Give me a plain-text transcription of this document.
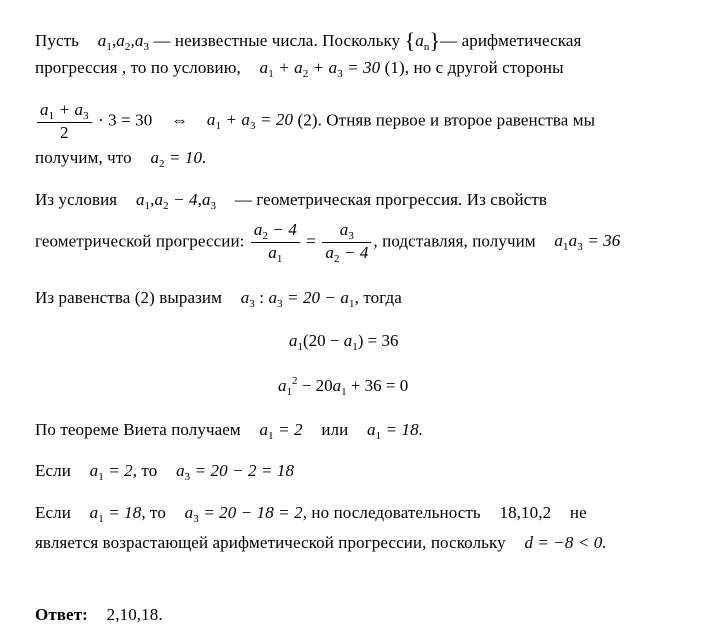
Пусть $a_1,a_2,a_3$ — неизвестные числа. Поскольку $\{a_n\}—$ арифметическая
прогрессия , то по условию, $a_1 + a_2 + a_3 = 30$ (1), но с другой стороны
$\frac{a_1 + a_3}{2} \cdot 3 = 30$ ⇔ $a_1 + a_3 = 20$ (2). Отняв первое и второе равенства мы
получим, что $a_2 = 10$.
Из условия $a_1,a_2 - 4,a_3$ — геометрическая прогрессия. Из свойств
геометрической прогрессии: $\frac{a_2 - 4}{a_1} = \frac{a_3}{a_2 - 4}$ , подставляя, получим $a_1a_3 = 36$
Из равенства (2) выразим $a_3$ : $a_3 = 20 - a_1$, тогда
$a_1(20 - a_1) = 36$
$a_1^2 - 20a_1 + 36 = 0$
По теореме Виета получаем $a_1 = 2$ или $a_1 = 18$.
Если $a_1 = 2$, то $a_3 = 20 - 2 = 18$
Если $a_1 = 18$, то $a_3 = 20 - 18 = 2$, но последовательность 18,10,2 не
является возрастающей арифметической прогрессии, поскольку d = −8 < 0.
Ответ: 2,10,18.
